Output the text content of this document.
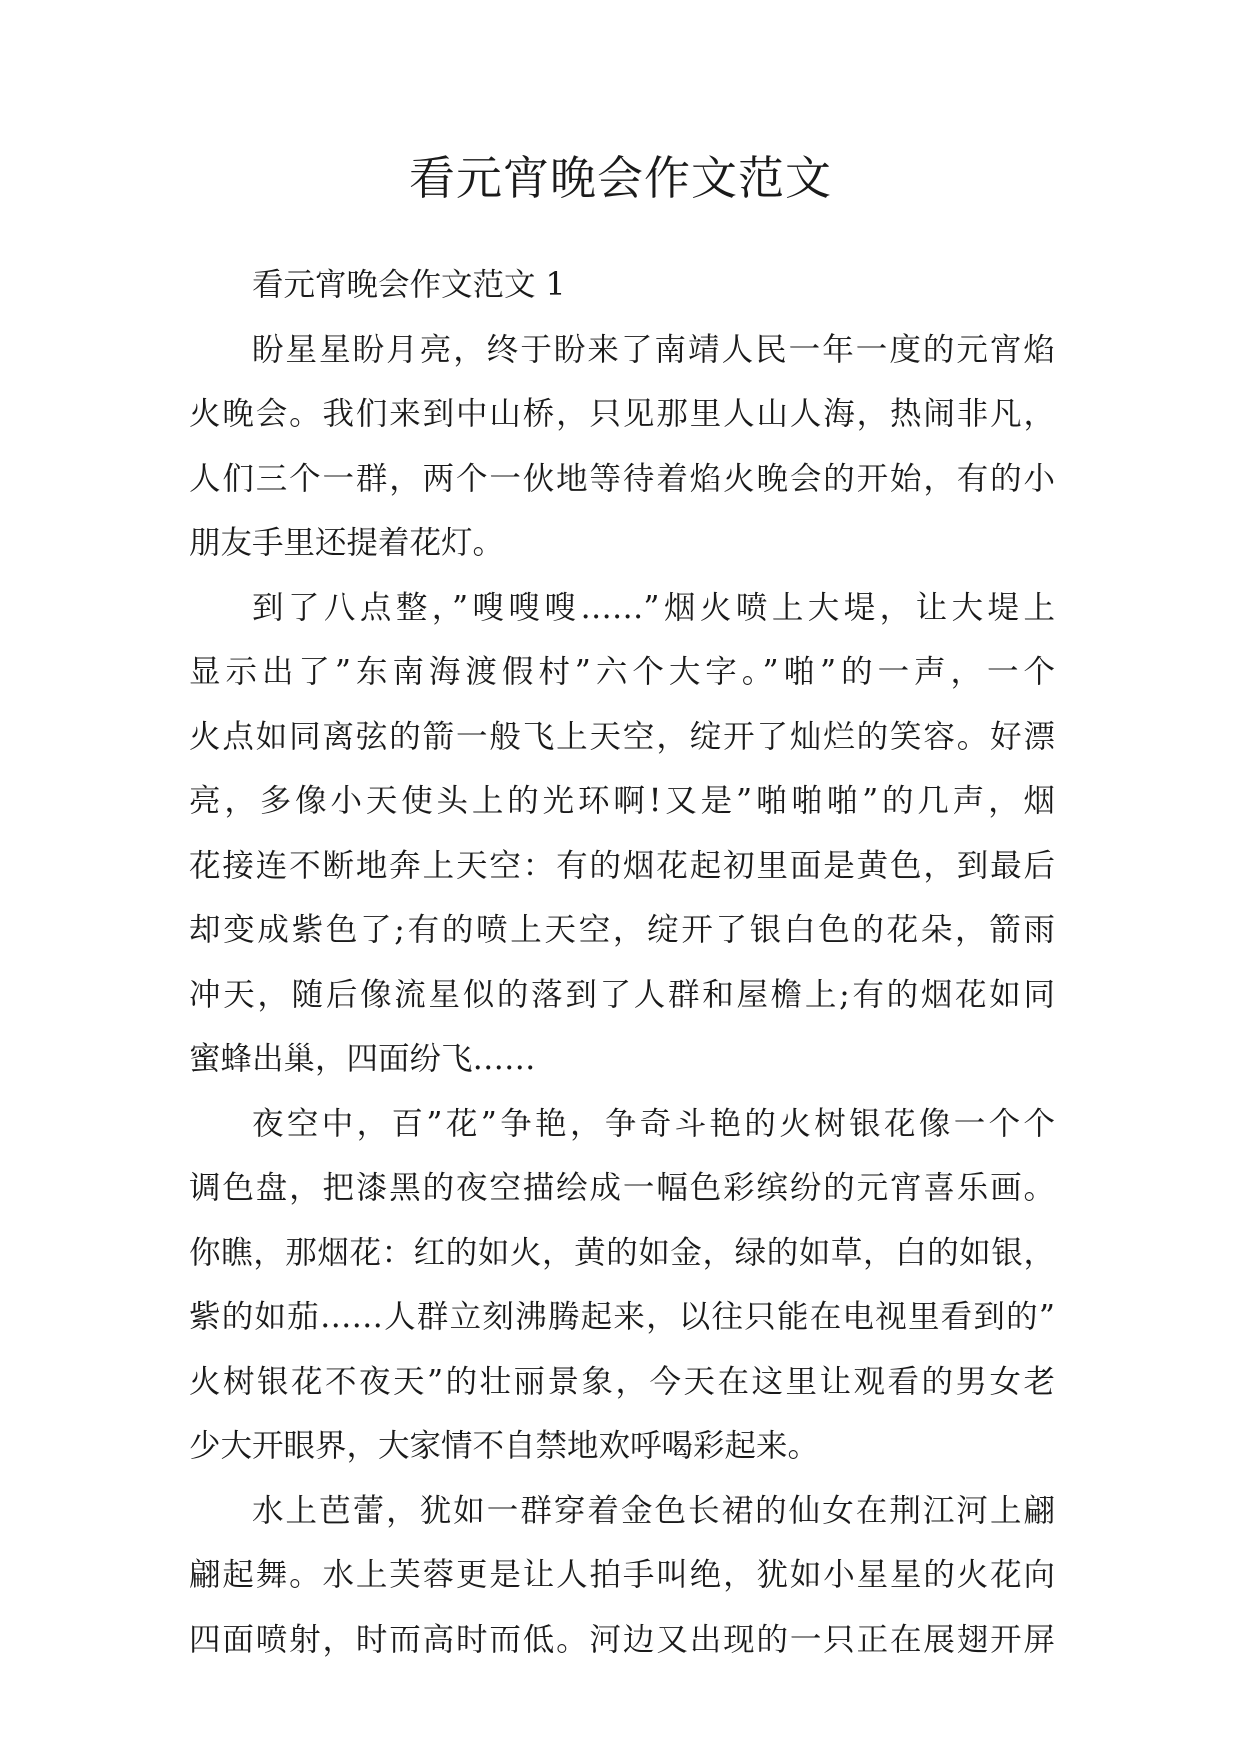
看元宵晚会作文范文
看元宵晚会作文范文 1
盼星星盼月亮，终于盼来了南靖人民一年一度的元宵焰
火晚会。我们来到中山桥，只见那里人山人海，热闹非凡，
人们三个一群，两个一伙地等待着焰火晚会的开始，有的小
朋友手里还提着花灯。
到了八点整，”嗖嗖嗖……”烟火喷上大堤，让大堤上
显示出了”东南海渡假村”六个大字。”啪”的一声，一个
火点如同离弦的箭一般飞上天空，绽开了灿烂的笑容。好漂
亮，多像小天使头上的光环啊!又是”啪啪啪”的几声，烟
花接连不断地奔上天空：有的烟花起初里面是黄色，到最后
却变成紫色了;有的喷上天空，绽开了银白色的花朵，箭雨
冲天，随后像流星似的落到了人群和屋檐上;有的烟花如同
蜜蜂出巢，四面纷飞……
夜空中，百”花”争艳，争奇斗艳的火树银花像一个个
调色盘，把漆黑的夜空描绘成一幅色彩缤纷的元宵喜乐画。
你瞧，那烟花：红的如火，黄的如金，绿的如草，白的如银，
紫的如茄……人群立刻沸腾起来，以往只能在电视里看到的”
火树银花不夜天”的壮丽景象，今天在这里让观看的男女老
少大开眼界，大家情不自禁地欢呼喝彩起来。
水上芭蕾，犹如一群穿着金色长裙的仙女在荆江河上翩
翩起舞。水上芙蓉更是让人拍手叫绝，犹如小星星的火花向
四面喷射，时而高时而低。河边又出现的一只正在展翅开屏
